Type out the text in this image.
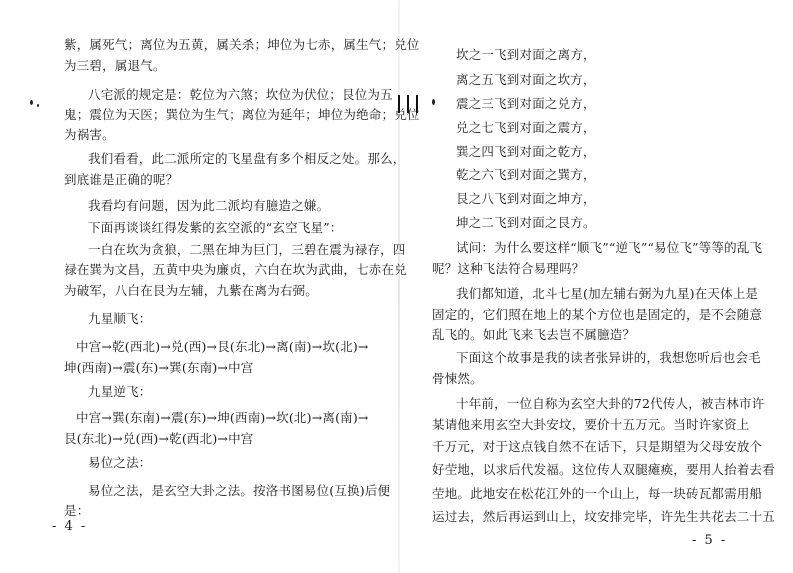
紫，属死气；离位为五黄，属关杀；坤位为七赤，属生气；兑位
为三碧，属退气。
八宅派的规定是：乾位为六煞；坎位为伏位；艮位为五
鬼；震位为天医；巽位为生气；离位为延年；坤位为绝命；兑位
为祸害。
我们看看，此二派所定的飞星盘有多个相反之处。那么，
到底谁是正确的呢？
我看均有问题，因为此二派均有臆造之嫌。
下面再谈谈红得发紫的玄空派的“玄空飞星”：
一白在坎为贪狼，二黑在坤为巨门，三碧在震为禄存，四
禄在巽为文昌，五黄中央为廉贞，六白在坎为武曲，七赤在兑
为破军，八白在艮为左辅，九紫在离为右弼。
九星顺飞：
中宫→乾(西北)→兑(西)→艮(东北)→离(南)→坎(北)→
坤(西南)→震(东)→巽(东南)→中宫
九星逆飞：
中宫→巽(东南)→震(东)→坤(西南)→坎(北)→离(南)→
艮(东北)→兑(西)→乾(西北)→中宫
易位之法：
易位之法，是玄空大卦之法。按洛书图易位(互换)后便
是：
- 4 -
坎之一飞到对面之离方，
离之五飞到对面之坎方，
震之三飞到对面之兑方，
兑之七飞到对面之震方，
巽之四飞到对面之乾方，
乾之六飞到对面之巽方，
艮之八飞到对面之坤方，
坤之二飞到对面之艮方。
试问：为什么要这样“顺飞”“逆飞”“易位飞”等等的乱飞
呢？这种飞法符合易理吗？
我们都知道，北斗七星(加左辅右弼为九星)在天体上是
固定的，它们照在地上的某个方位也是固定的，是不会随意
乱飞的。如此飞来飞去岂不属臆造？
下面这个故事是我的读者张异讲的，我想您听后也会毛
骨悚然。
十年前，一位自称为玄空大卦的72代传人，被吉林市许
某请他来用玄空大卦安坟，要价十五万元。当时许家资上
千万元，对于这点钱自然不在话下，只是期望为父母安放个
好茔地，以求后代发福。这位传人双腿瘫痪，要用人抬着去看
茔地。此地安在松花江外的一个山上，每一块砖瓦都需用船
运过去，然后再运到山上，坟安排完毕，许先生共花去二十五
- 5 -
